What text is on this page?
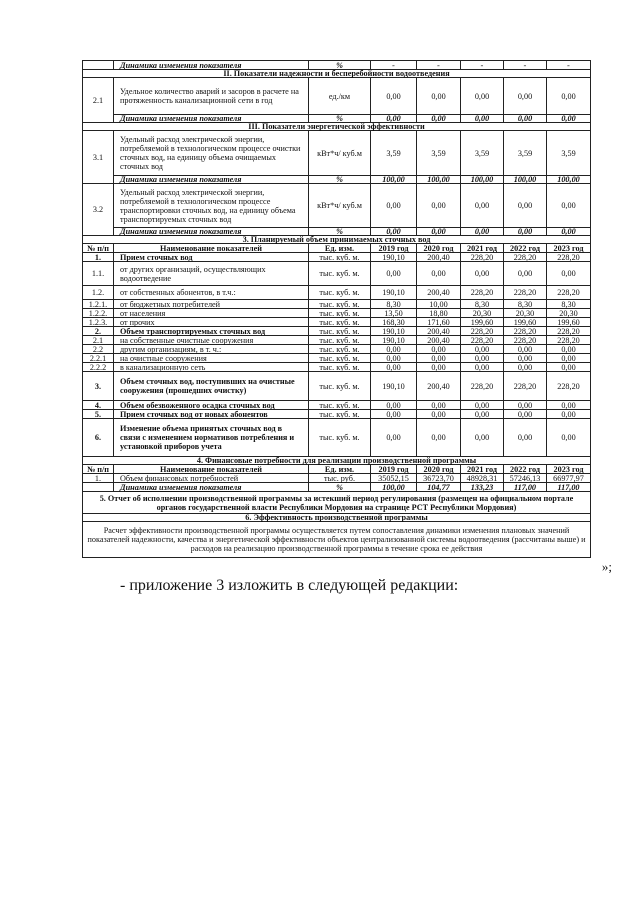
	Динамика изменения показателя	%	-	-	-	-	-
II. Показатели надежности и бесперебойности водоотведения							
2.1	Удельное количество аварий и засоров в расчете на протяженность канализационной сети в год	ед./км	0,00	0,00	0,00	0,00	0,00
	Динамика изменения показателя	%	0,00	0,00	0,00	0,00	0,00
III. Показатели энергетической эффективности							
3.1	Удельный расход электрической энергии, потребляемой в технологическом процессе очистки сточных вод, на единицу объема очищаемых сточных вод	кВт*ч/ куб.м	3,59	3,59	3,59	3,59	3,59
	Динамика изменения показателя	%	100,00	100,00	100,00	100,00	100,00
3.2	Удельный расход электрической энергии, потребляемой в технологическом процессе транспортировки сточных вод, на единицу объема транспортируемых сточных вод	кВт*ч/ куб.м	0,00	0,00	0,00	0,00	0,00
	Динамика изменения показателя	%	0,00	0,00	0,00	0,00	0,00
3. Планируемый объем принимаемых сточных вод							
№ п/п	Наименование показателей	Ед. изм.	2019 год	2020 год	2021 год	2022 год	2023 год
1.	Прием сточных вод	тыс. куб. м.	190,10	200,40	228,20	228,20	228,20
1.1.	от других организаций, осуществляющих водоотведение	тыс. куб. м.	0,00	0,00	0,00	0,00	0,00
1.2.	от собственных абонентов, в т.ч.:	тыс. куб. м.	190,10	200,40	228,20	228,20	228,20
1.2.1.	от бюджетных потребителей	тыс. куб. м.	8,30	10,00	8,30	8,30	8,30
1.2.2.	от населения	тыс. куб. м.	13,50	18,80	20,30	20,30	20,30
1.2.3.	от прочих	тыс. куб. м.	168,30	171,60	199,60	199,60	199,60
2.	Объем транспортируемых сточных вод	тыс. куб. м.	190,10	200,40	228,20	228,20	228,20
2.1	на собственные очистные сооружения	тыс. куб. м.	190,10	200,40	228,20	228,20	228,20
2.2	другим организациям, в т. ч.:	тыс. куб. м.	0,00	0,00	0,00	0,00	0,00
2.2.1	на очистные сооружения	тыс. куб. м.	0,00	0,00	0,00	0,00	0,00
2.2.2	в канализационную сеть	тыс. куб. м.	0,00	0,00	0,00	0,00	0,00
3.	Объем сточных вод, поступивших на очистные сооружения (прошедших очистку)	тыс. куб. м.	190,10	200,40	228,20	228,20	228,20
4.	Объем обезвоженного осадка сточных вод	тыс. куб. м.	0,00	0,00	0,00	0,00	0,00
5.	Прием сточных вод от новых абонентов	тыс. куб. м.	0,00	0,00	0,00	0,00	0,00
6.	Изменение объема принятых сточных вод в связи с изменением нормативов потребления и установкой приборов учета	тыс. куб. м.	0,00	0,00	0,00	0,00	0,00
4. Финансовые потребности для реализации производственной программы							
№ п/п	Наименование показателей	Ед. изм.	2019 год	2020 год	2021 год	2022 год	2023 год
1.	Объем финансовых потребностей	тыс. руб.	35052,15	36723,70	48928,31	57246,13	66977,97
	Динамика изменения показателя	%	100,00	104,77	133,23	117,00	117,00
5. Отчет об исполнении производственной программы за истекший период регулирования (размещен на официальном портале органов государственной власти Республики Мордовия на странице РСТ Республики Мордовия)							
6. Эффективность производственной программы							
Расчет эффективности производственной программы осуществляется путем сопоставления динамики изменения плановых значений показателей надежности, качества и энергетической эффективности объектов централизованной системы водоотведения (рассчитаны выше) и расходов на реализацию производственной программы в течение срока ее действия							
»;
- приложение 3 изложить в следующей редакции:
